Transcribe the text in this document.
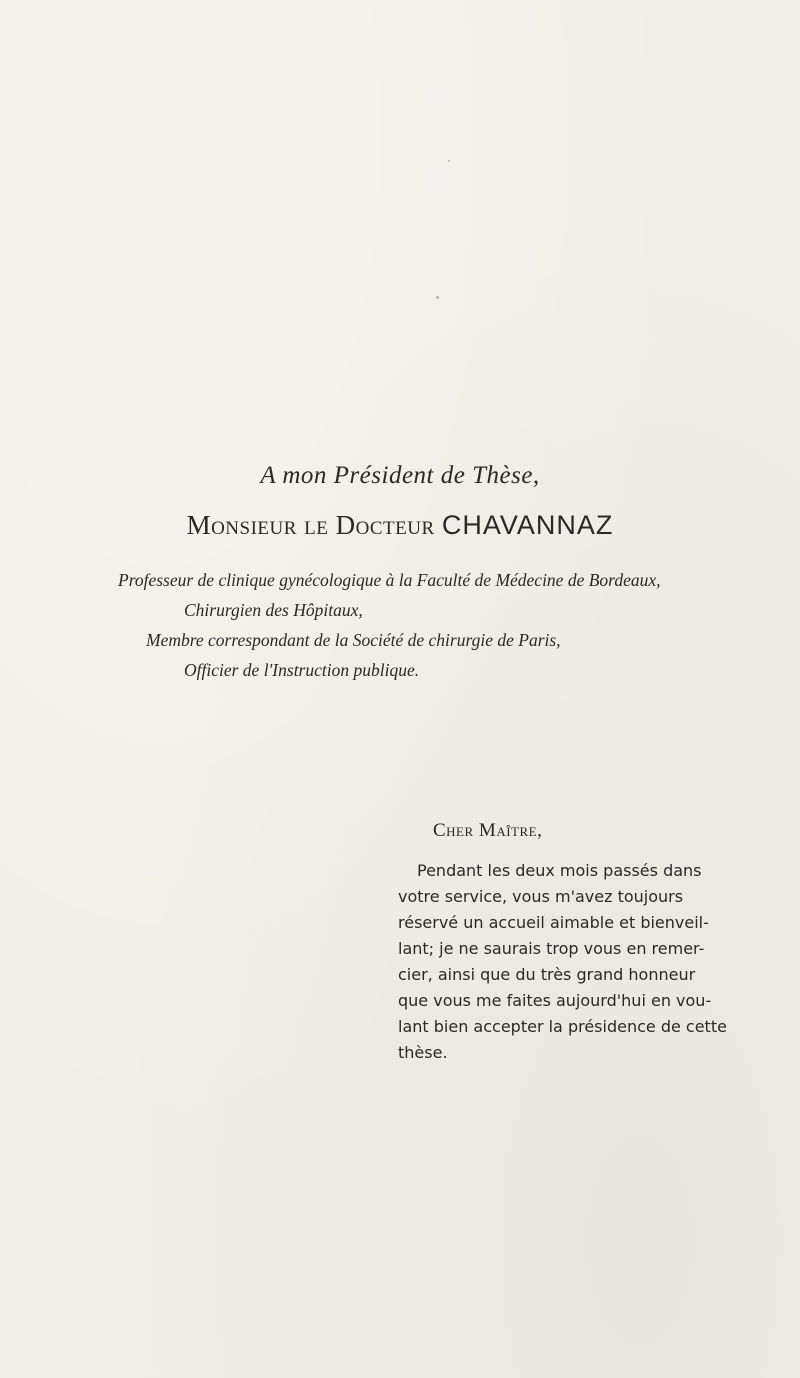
A mon Président de Thèse,
Monsieur le Docteur CHAVANNAZ
Professeur de clinique gynécologique à la Faculté de Médecine de Bordeaux,
Chirurgien des Hôpitaux,
Membre correspondant de la Société de chirurgie de Paris,
Officier de l'Instruction publique.
Cher Maître,
Pendant les deux mois passés dans
votre service, vous m'avez toujours
réservé un accueil aimable et bienveil-
lant; je ne saurais trop vous en remer-
cier, ainsi que du très grand honneur
que vous me faites aujourd'hui en vou-
lant bien accepter la présidence de cette
thèse.
